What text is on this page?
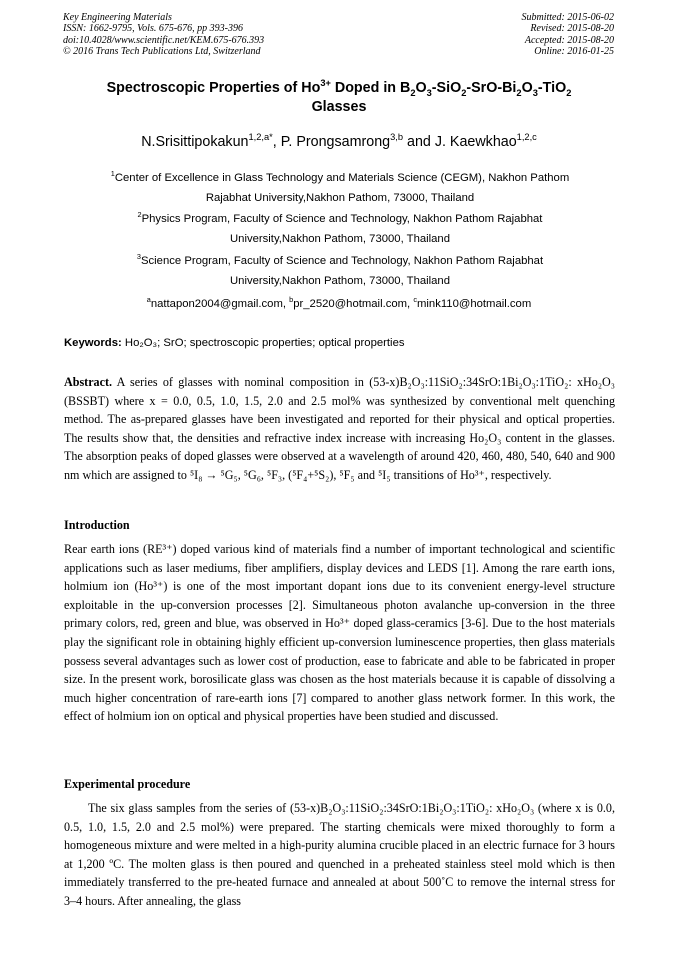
Key Engineering Materials
ISSN: 1662-9795, Vols. 675-676, pp 393-396
doi:10.4028/www.scientific.net/KEM.675-676.393
© 2016 Trans Tech Publications Ltd, Switzerland
Submitted: 2015-06-02
Revised: 2015-08-20
Accepted: 2015-08-20
Online: 2016-01-25
Spectroscopic Properties of $Ho^{3+}$ Doped in $B_2O_3-SiO_2-SrO-Bi_2O_3-TiO_2$
Glasses
N.Srisittipokakun$^{1,2,a*}$, P. Prongsamrong$^{3,b}$ and J. Kaewkhao$^{1,2,c}$
$^1$Center of Excellence in Glass Technology and Materials Science (CEGM), Nakhon Pathom
Rajabhat University,Nakhon Pathom, 73000, Thailand
$^2$Physics Program, Faculty of Science and Technology, Nakhon Pathom Rajabhat
University,Nakhon Pathom, 73000, Thailand
$^3$Science Program, Faculty of Science and Technology, Nakhon Pathom Rajabhat
University,Nakhon Pathom, 73000, Thailand
$^a$nattapon2004@gmail.com, $^b$pr_2520@hotmail.com, $^c$mink110@hotmail.com
Keywords: Ho₂O₃; SrO; spectroscopic properties; optical properties
Abstract. A series of glasses with nominal composition in (53-x)B₂O₃:11SiO₂:34SrO:1Bi₂O₃:1TiO₂: xHo₂O₃ (BSSBT) where x = 0.0, 0.5, 1.0, 1.5, 2.0 and 2.5 mol% was synthesized by conventional melt quenching method. The as-prepared glasses have been investigated and reported for their physical and optical properties. The results show that, the densities and refractive index increase with increasing Ho₂O₃ content in the glasses. The absorption peaks of doped glasses were observed at a wavelength of around 420, 460, 480, 540, 640 and 900 nm which are assigned to ⁵I₈ → ⁵G₅, ⁵G₆, ⁵F₃, (⁵F₄+⁵S₂), ⁵F₅ and ⁵I₅ transitions of Ho³⁺, respectively.
Introduction
Rear earth ions (RE³⁺) doped various kind of materials find a number of important technological and scientific applications such as laser mediums, fiber amplifiers, display devices and LEDS [1]. Among the rare earth ions, holmium ion (Ho³⁺) is one of the most important dopant ions due to its convenient energy-level structure exploitable in the up-conversion processes [2]. Simultaneous photon avalanche up-conversion in the three primary colors, red, green and blue, was observed in Ho³⁺ doped glass-ceramics [3-6]. Due to the host materials play the significant role in obtaining highly efficient up-conversion luminescence properties, then glass materials possess several advantages such as lower cost of production, ease to fabricate and able to be fabricated in proper size. In the present work, borosilicate glass was chosen as the host materials because it is capable of dissolving a much higher concentration of rare-earth ions [7] compared to another glass network former. In this work, the effect of holmium ion on optical and physical properties have been studied and discussed.
Experimental procedure
The six glass samples from the series of (53-x)B₂O₃:11SiO₂:34SrO:1Bi₂O₃:1TiO₂: xHo₂O₃ (where x is 0.0, 0.5, 1.0, 1.5, 2.0 and 2.5 mol%) were prepared. The starting chemicals were mixed thoroughly to form a homogeneous mixture and were melted in a high-purity alumina crucible placed in an electric furnace for 3 hours at 1,200 ºC. The molten glass is then poured and quenched in a preheated stainless steel mold which is then immediately transferred to the pre-heated furnace and annealed at about 500˚C to remove the internal stress for 3–4 hours. After annealing, the glass
